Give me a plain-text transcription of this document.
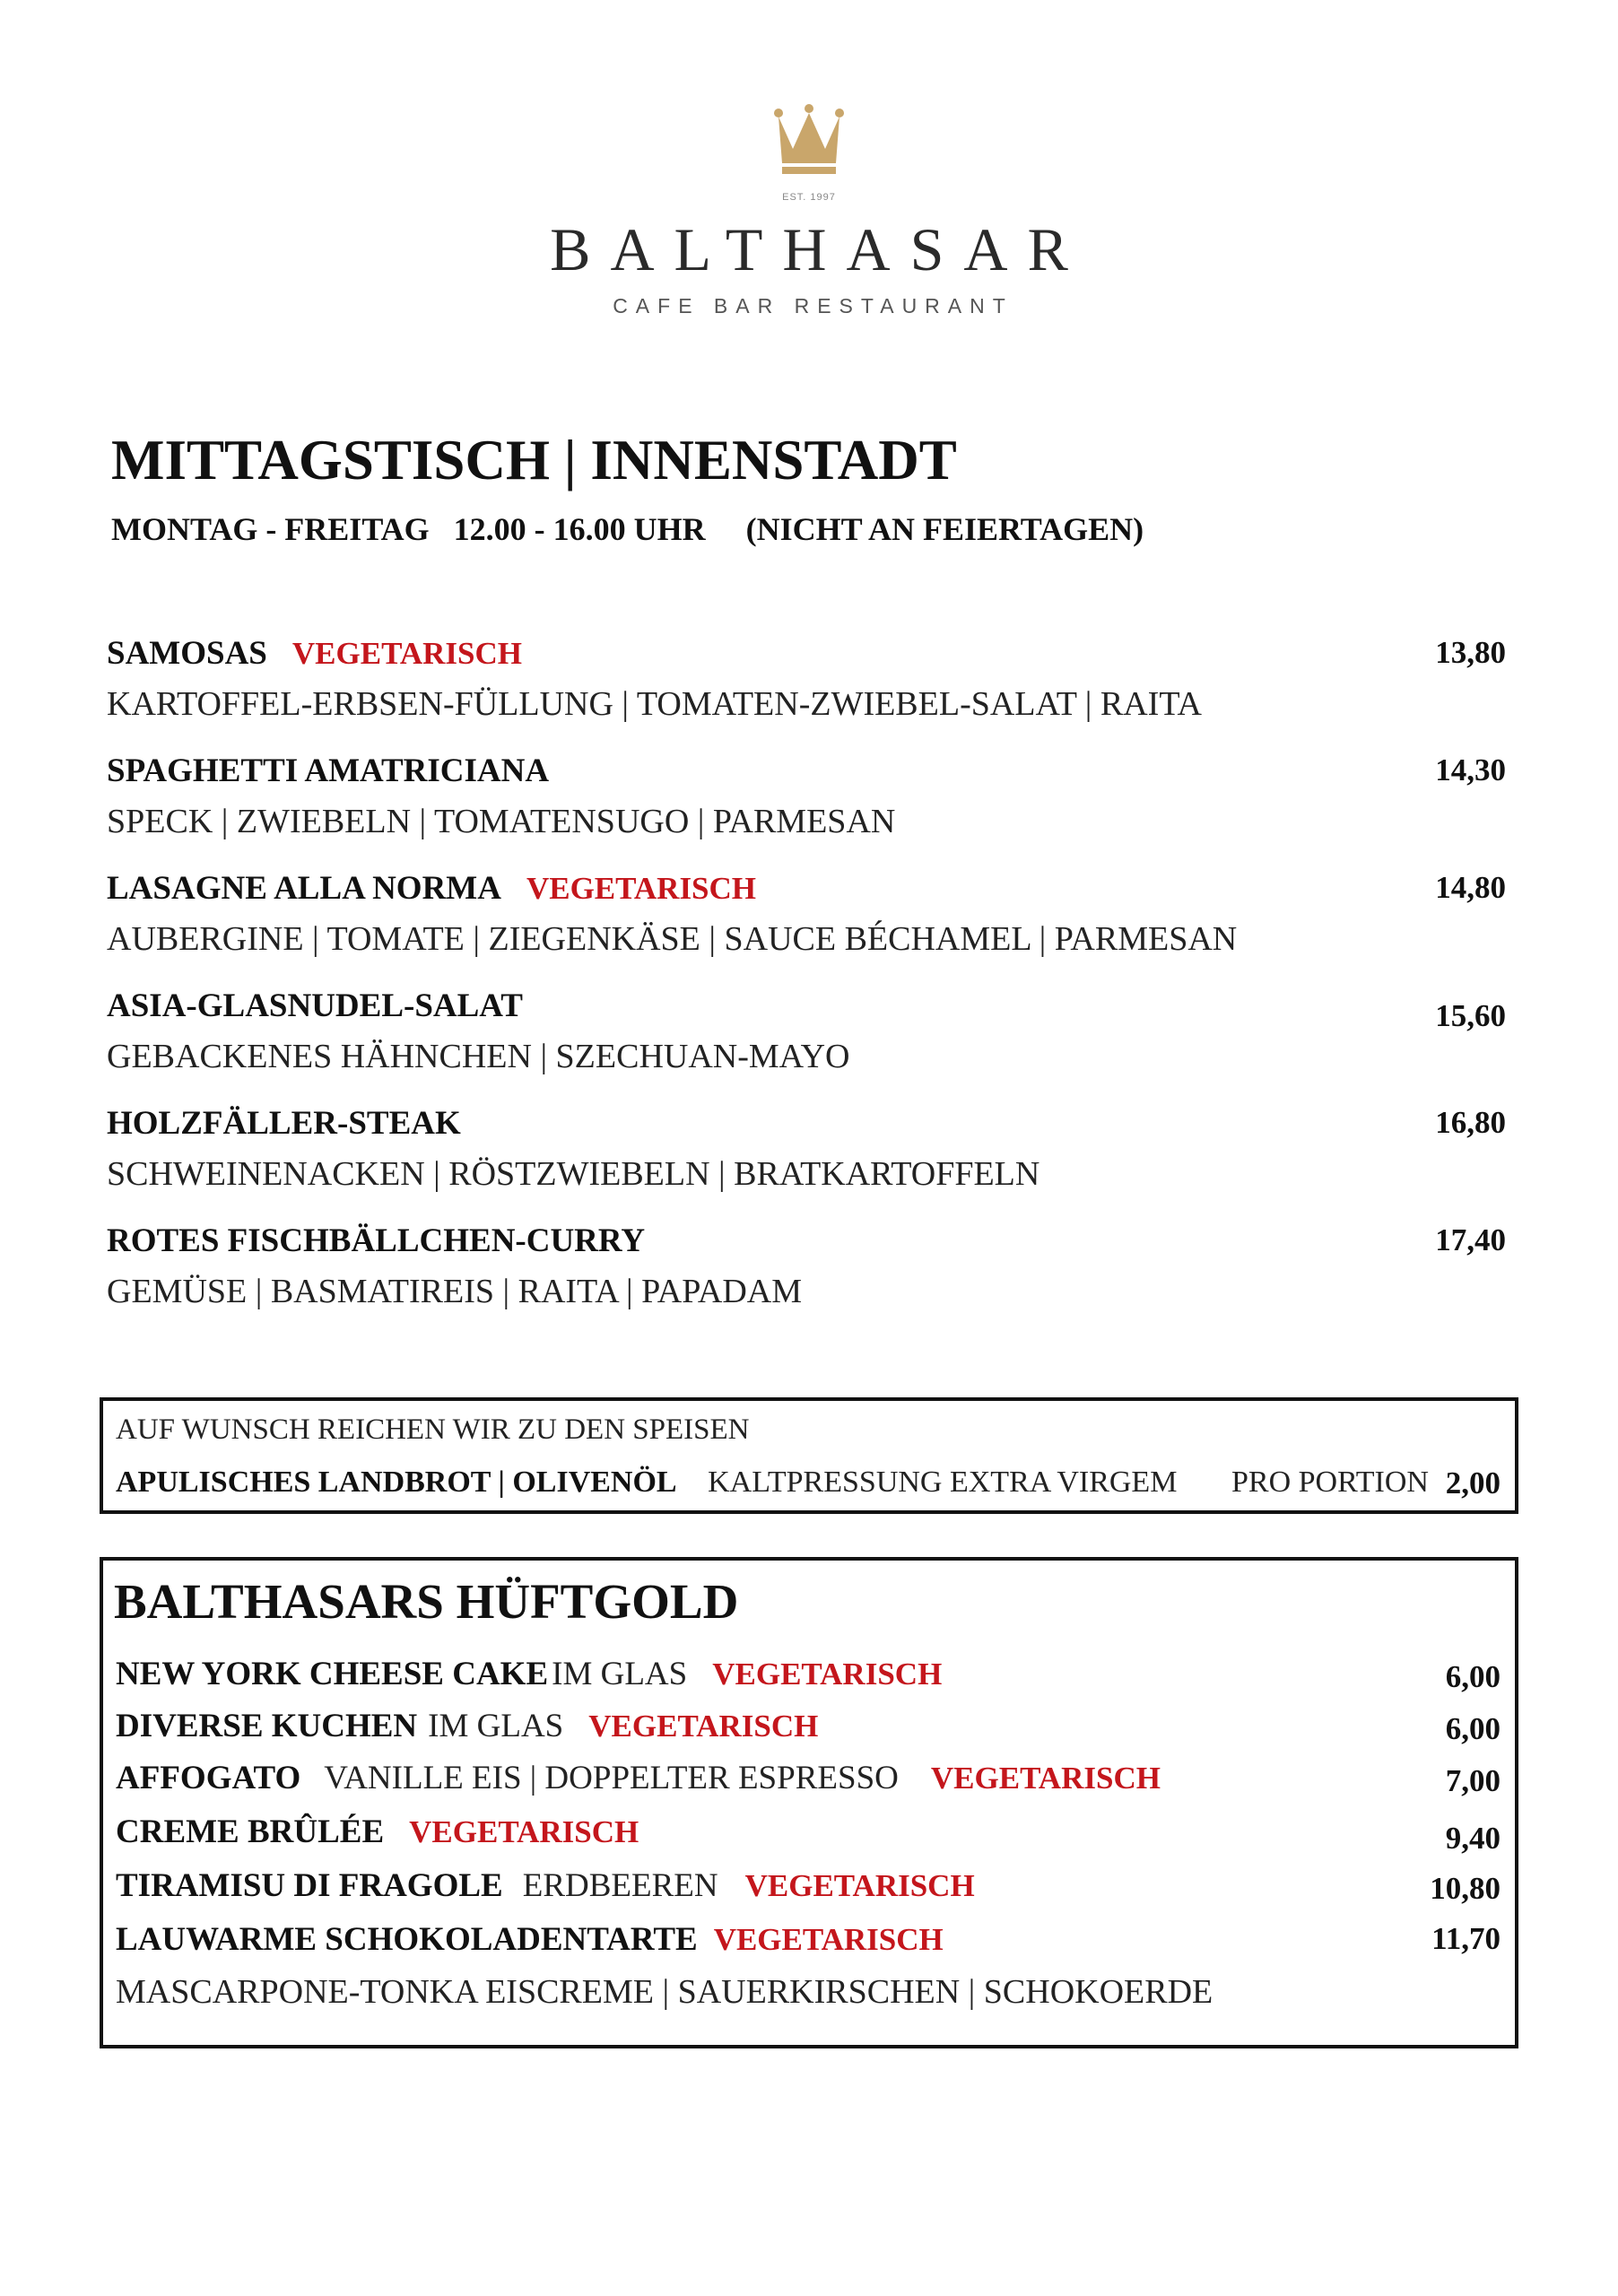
EST. 1997
BALTHASAR
CAFE BAR RESTAURANT
MITTAGSTISCH | INNENSTADT

MONTAG - FREITAG   12.00 - 16.00 UHR     (NICHT AN FEIERTAGEN)

SAMOSAS VEGETARISCH
KARTOFFEL-ERBSEN-FÜLLUNG | TOMATEN-ZWIEBEL-SALAT | RAITA
13,80
SPAGHETTI AMATRICIANA
SPECK | ZWIEBELN | TOMATENSUGO | PARMESAN
14,30
LASAGNE ALLA NORMA VEGETARISCH
AUBERGINE | TOMATE | ZIEGENKÄSE | SAUCE BÉCHAMEL | PARMESAN
14,80
ASIA-GLASNUDEL-SALAT
GEBACKENES HÄHNCHEN | SZECHUAN-MAYO
15,60
HOLZFÄLLER-STEAK
SCHWEINENACKEN | RÖSTZWIEBELN | BRATKARTOFFELN
16,80
ROTES FISCHBÄLLCHEN-CURRY
GEMÜSE | BASMATIREIS | RAITA | PAPADAM
17,40
AUF WUNSCH REICHEN WIR ZU DEN SPEISEN
APULISCHES LANDBROT | OLIVENÖL KALTPRESSUNG EXTRA VIRGEM PRO PORTION 2,00
BALTHASARS HÜFTGOLD
NEW YORK CHEESE CAKE IM GLAS VEGETARISCH	6,00
DIVERSE KUCHEN IM GLAS VEGETARISCH	6,00
AFFOGATO VANILLE EIS | DOPPELTER ESPRESSO VEGETARISCH	7,00
CREME BRÛLÉE VEGETARISCH	9,40
TIRAMISU DI FRAGOLE ERDBEEREN VEGETARISCH	10,80
LAUWARME SCHOKOLADENTARTE VEGETARISCH	11,70
MASCARPONE-TONKA EISCREME | SAUERKIRSCHEN | SCHOKOERDE
